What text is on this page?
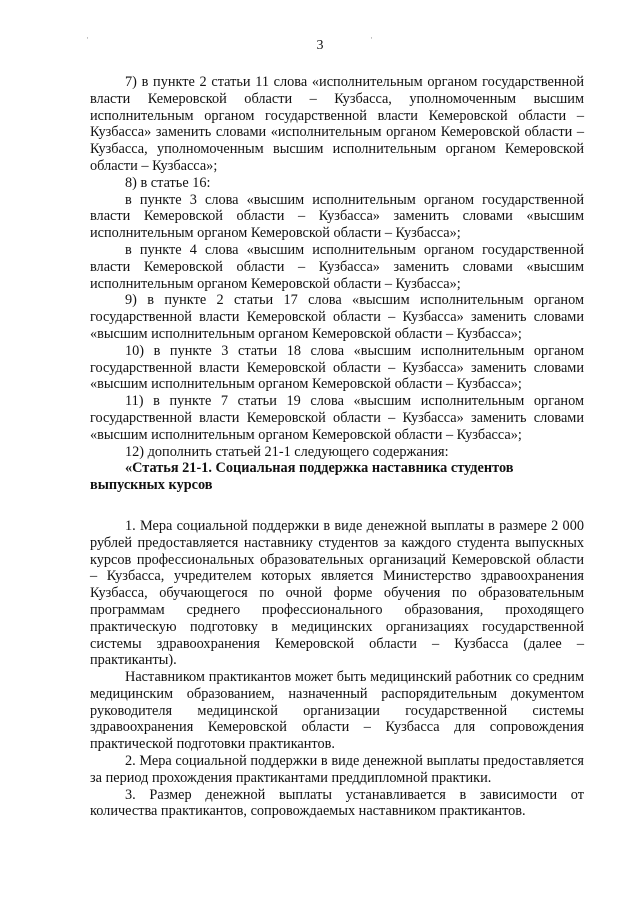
·	·
3

7) в пункте 2 статьи 11 слова «исполнительным органом государственной власти Кемеровской области – Кузбасса, уполномоченным высшим исполнительным органом государственной власти Кемеровской области – Кузбасса» заменить словами «исполнительным органом Кемеровской области – Кузбасса, уполномоченным высшим исполнительным органом Кемеровской области – Кузбасса»;

8) в статье 16:

в пункте 3 слова «высшим исполнительным органом государственной власти Кемеровской области – Кузбасса» заменить словами «высшим исполнительным органом Кемеровской области – Кузбасса»;

в пункте 4 слова «высшим исполнительным органом государственной власти Кемеровской области – Кузбасса» заменить словами «высшим исполнительным органом Кемеровской области – Кузбасса»;

9) в пункте 2 статьи 17 слова «высшим исполнительным органом государственной власти Кемеровской области – Кузбасса» заменить словами «высшим исполнительным органом Кемеровской области – Кузбасса»;

10) в пункте 3 статьи 18 слова «высшим исполнительным органом государственной власти Кемеровской области – Кузбасса» заменить словами «высшим исполнительным органом Кемеровской области – Кузбасса»;

11) в пункте 7 статьи 19 слова «высшим исполнительным органом государственной власти Кемеровской области – Кузбасса» заменить словами «высшим исполнительным органом Кемеровской области – Кузбасса»;

12) дополнить статьей 21-1 следующего содержания:

«Статья 21-1. Социальная поддержка наставника студентов выпускных курсов

1. Мера социальной поддержки в виде денежной выплаты в размере 2 000 рублей предоставляется наставнику студентов за каждого студента выпускных курсов профессиональных образовательных организаций Кемеровской области – Кузбасса, учредителем которых является Министерство здравоохранения Кузбасса, обучающегося по очной форме обучения по образовательным программам среднего профессионального образования, проходящего практическую подготовку в медицинских организациях государственной системы здравоохранения Кемеровской области – Кузбасса (далее – практиканты).

Наставником практикантов может быть медицинский работник со средним медицинским образованием, назначенный распорядительным документом руководителя медицинской организации государственной системы здравоохранения Кемеровской области – Кузбасса для сопровождения практической подготовки практикантов.

2. Мера социальной поддержки в виде денежной выплаты предоставляется за период прохождения практикантами преддипломной практики.

3. Размер денежной выплаты устанавливается в зависимости от количества практикантов, сопровождаемых наставником практикантов.
